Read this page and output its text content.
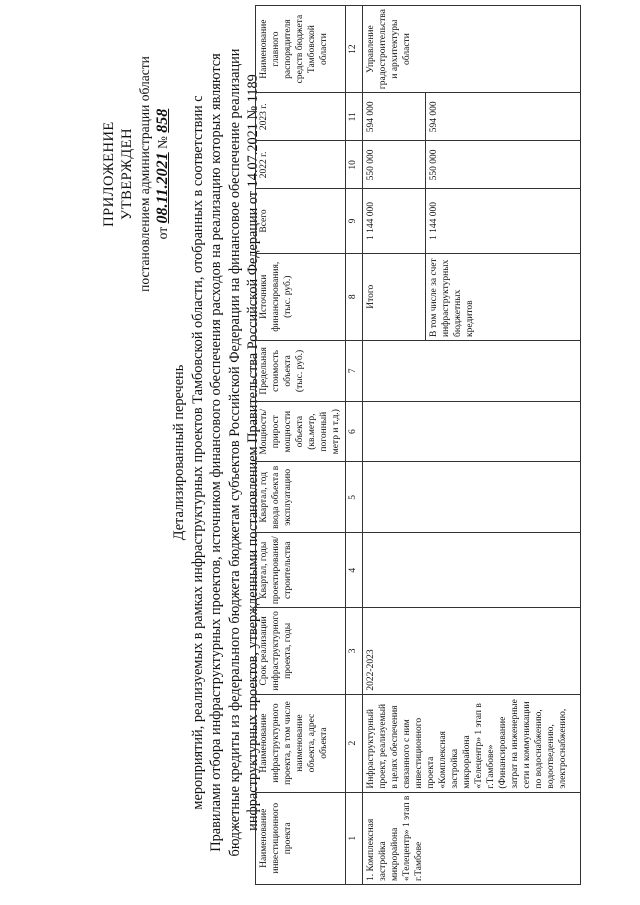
ПРИЛОЖЕНИЕ УТВЕРЖДЕН постановлением администрации области от 08.11.2021 № 858
Детализированный перечень мероприятий, реализуемых в рамках инфраструктурных проектов Тамбовской области, отобранных в соответствии с Правилами отбора инфраструктурных проектов, источником финансового обеспечения расходов на реализацию которых являются бюджетные кредиты из федерального бюджета бюджетам субъектов Российской Федерации на финансовое обеспечение реализации инфраструктурных проектов, утвержденными постановлением Правительства Российской Федерации от 14.07.2021 № 1189
Наименование инвестиционного проекта	Наименование инфраструктурного проекта, в том числе наименование объекта, адрес объекта	Срок реализации инфраструктурного проекта, годы	Квартал, годы проектирования/строительства	Квартал, год ввода объекта в эксплуатацию	Мощность/прирост мощности объекта (кв.метр, погонный метр и т.д.)	Предельная стоимость объекта (тыс. руб.)	Источники финансирования, (тыс. руб.)	Всего	2022 г.	2023 г.	Наименование главного распорядителя средств бюджета Тамбовской области
1	2	3	4	5	6	7	8	9	10	11	12
1. Комплексная застройка микрорайона «Телецентр» 1 этап в г.Тамбове	Инфраструктурный проект, реализуемый в целях обеспечения связанного с ним инвестиционного проекта «Комплексная застройка микрорайона «Телецентр» 1 этап в г.Тамбове» (Финансирование затрат на инженерные сети и коммуникации по водоснабжению, водоотведению, электроснабжению,	2022-2023					Итого	1 144 000	550 000	594 000	Управление градостроительства и архитектуры области
							В том числе за счет инфраструктурных бюджетных кредитов	1 144 000	550 000	594 000	
